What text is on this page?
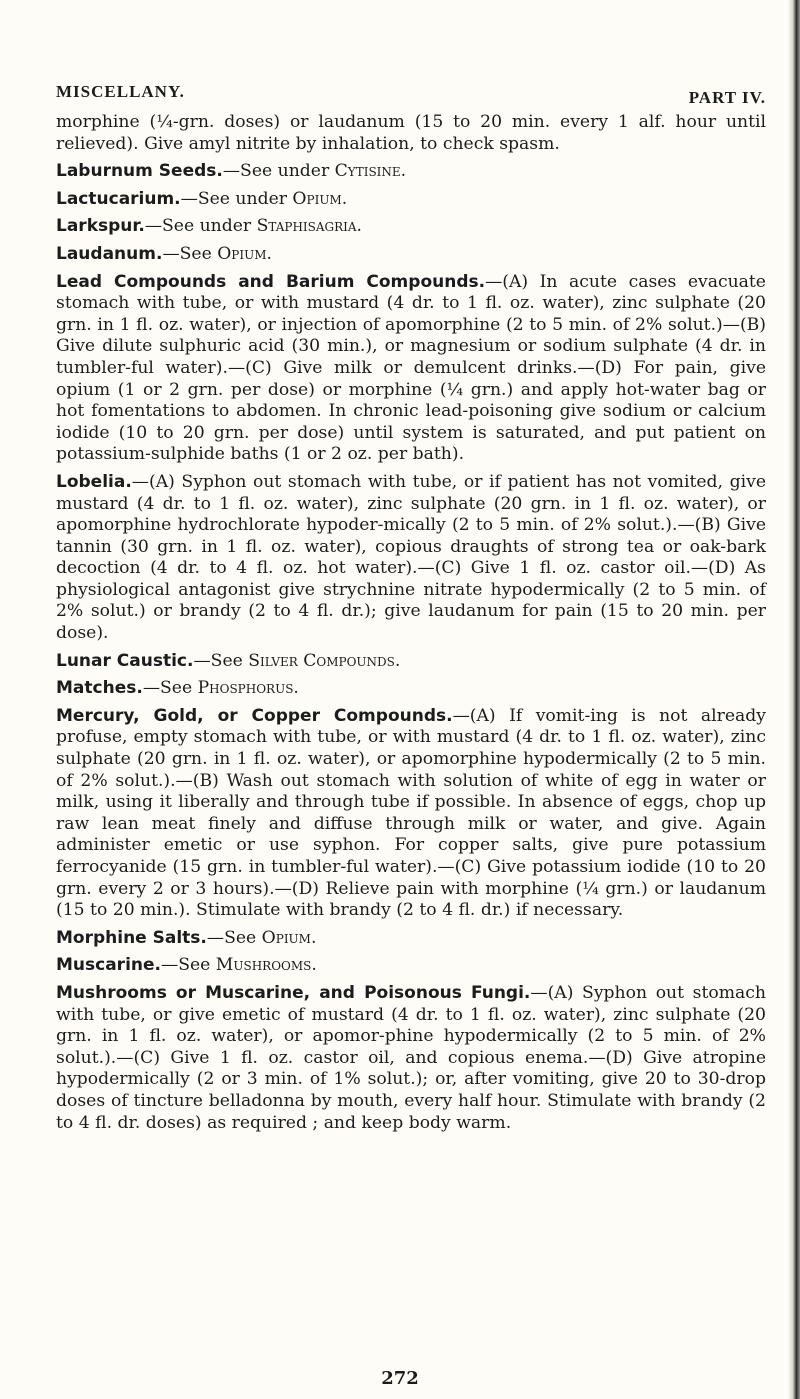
MISCELLANY.	PART IV.

morphine (¼-grn. doses) or laudanum (15 to 20 min. every 1 alf. hour until relieved). Give amyl nitrite by inhalation, to check spasm.

Laburnum Seeds.—See under Cytisine.

Lactucarium.—See under Opium.

Larkspur.—See under Staphisagria.

Laudanum.—See Opium.

Lead Compounds and Barium Compounds.—(A) In acute cases evacuate stomach with tube, or with mustard (4 dr. to 1 fl. oz. water), zinc sulphate (20 grn. in 1 fl. oz. water), or injection of apomorphine (2 to 5 min. of 2% solut.)—(B) Give dilute sulphuric acid (30 min.), or magnesium or sodium sulphate (4 dr. in tumbler-ful water).—(C) Give milk or demulcent drinks.—(D) For pain, give opium (1 or 2 grn. per dose) or morphine (¼ grn.) and apply hot-water bag or hot fomentations to abdomen. In chronic lead-poisoning give sodium or calcium iodide (10 to 20 grn. per dose) until system is saturated, and put patient on potassium-sulphide baths (1 or 2 oz. per bath).

Lobelia.—(A) Syphon out stomach with tube, or if patient has not vomited, give mustard (4 dr. to 1 fl. oz. water), zinc sulphate (20 grn. in 1 fl. oz. water), or apomorphine hydrochlorate hypoder-mically (2 to 5 min. of 2% solut.).—(B) Give tannin (30 grn. in 1 fl. oz. water), copious draughts of strong tea or oak-bark decoction (4 dr. to 4 fl. oz. hot water).—(C) Give 1 fl. oz. castor oil.—(D) As physiological antagonist give strychnine nitrate hypodermically (2 to 5 min. of 2% solut.) or brandy (2 to 4 fl. dr.); give laudanum for pain (15 to 20 min. per dose).

Lunar Caustic.—See Silver Compounds.

Matches.—See Phosphorus.

Mercury, Gold, or Copper Compounds.—(A) If vomit-ing is not already profuse, empty stomach with tube, or with mustard (4 dr. to 1 fl. oz. water), zinc sulphate (20 grn. in 1 fl. oz. water), or apomorphine hypodermically (2 to 5 min. of 2% solut.).—(B) Wash out stomach with solution of white of egg in water or milk, using it liberally and through tube if possible. In absence of eggs, chop up raw lean meat finely and diffuse through milk or water, and give. Again administer emetic or use syphon. For copper salts, give pure potassium ferrocyanide (15 grn. in tumbler-ful water).—(C) Give potassium iodide (10 to 20 grn. every 2 or 3 hours).—(D) Relieve pain with morphine (¼ grn.) or laudanum (15 to 20 min.). Stimulate with brandy (2 to 4 fl. dr.) if necessary.

Morphine Salts.—See Opium.

Muscarine.—See Mushrooms.

Mushrooms or Muscarine, and Poisonous Fungi.—(A) Syphon out stomach with tube, or give emetic of mustard (4 dr. to 1 fl. oz. water), zinc sulphate (20 grn. in 1 fl. oz. water), or apomor-phine hypodermically (2 to 5 min. of 2% solut.).—(C) Give 1 fl. oz. castor oil, and copious enema.—(D) Give atropine hypodermically (2 or 3 min. of 1% solut.); or, after vomiting, give 20 to 30-drop doses of tincture belladonna by mouth, every half hour. Stimulate with brandy (2 to 4 fl. dr. doses) as required ; and keep body warm.

272
